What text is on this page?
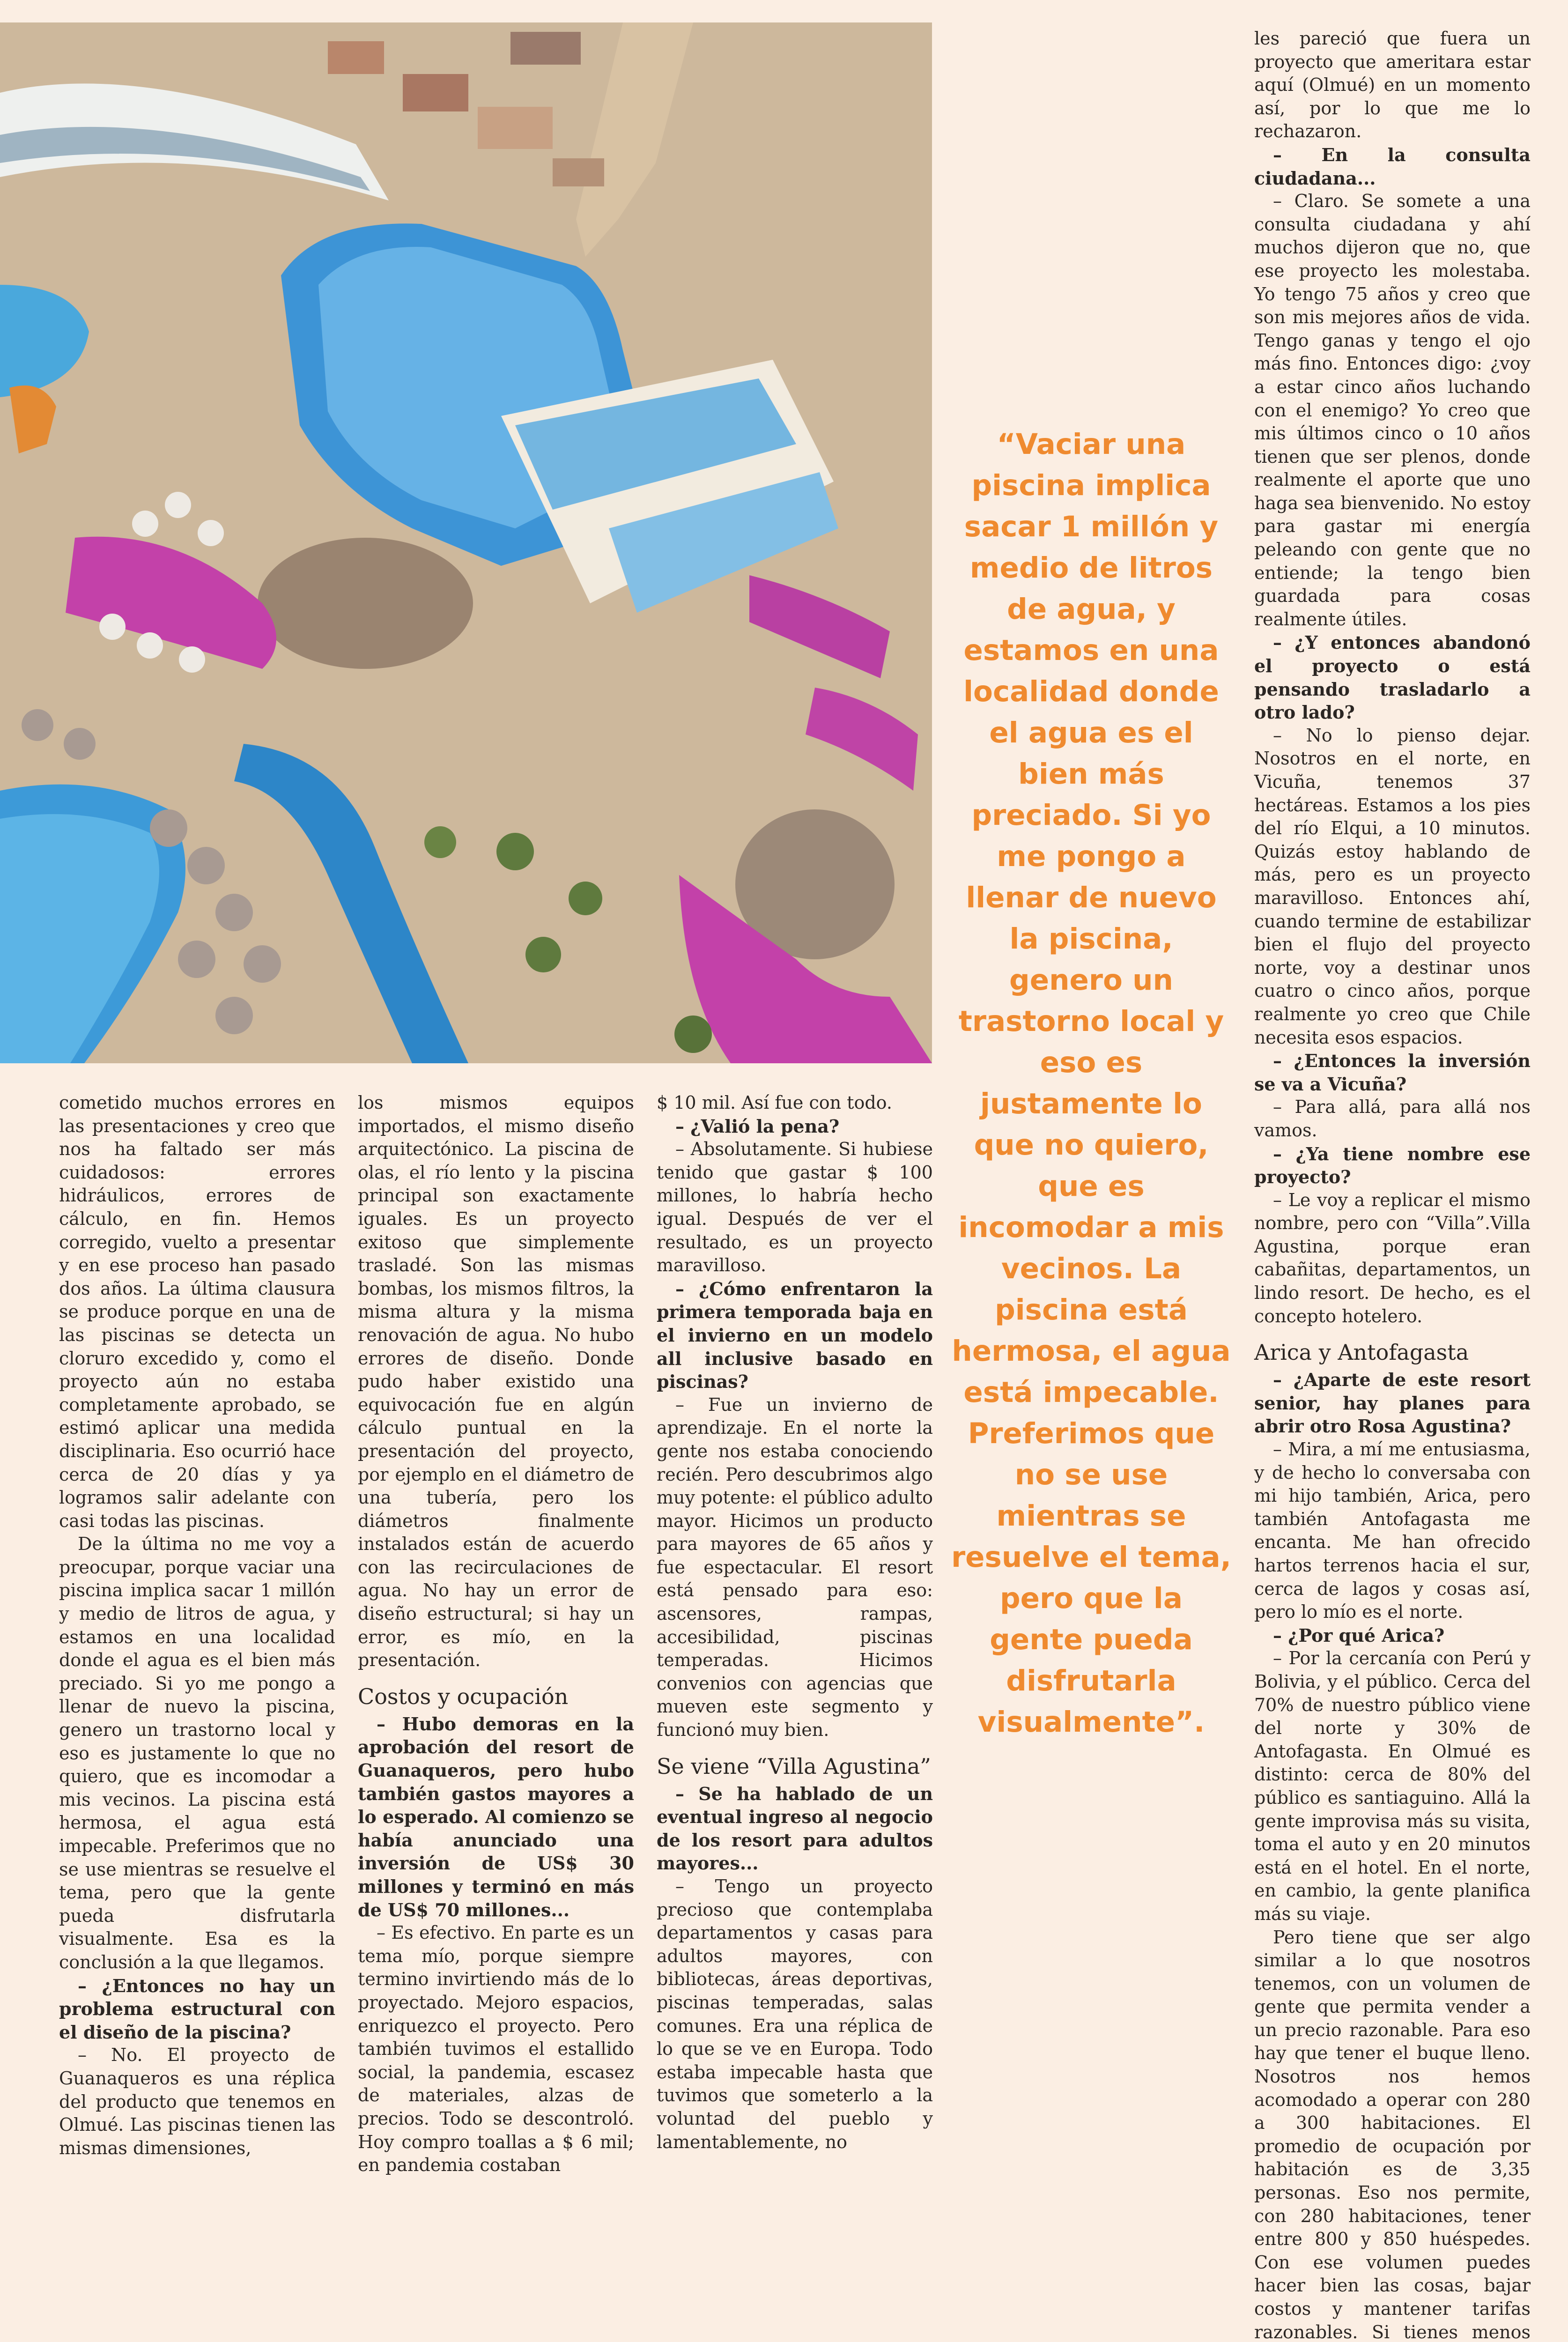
cometido muchos errores en las presentaciones y creo que nos ha faltado ser más cuidadosos: errores hidráulicos, errores de cálculo, en fin. Hemos corregido, vuelto a presentar y en ese proceso han pasado dos años. La última clausura se produce porque en una de las piscinas se detecta un cloruro excedido y, como el proyecto aún no estaba completamente aprobado, se estimó aplicar una medida disciplinaria. Eso ocurrió hace cerca de 20 días y ya logramos salir adelante con casi todas las piscinas.

De la última no me voy a preocupar, porque vaciar una piscina implica sacar 1 millón y medio de litros de agua, y estamos en una localidad donde el agua es el bien más preciado. Si yo me pongo a llenar de nuevo la piscina, genero un trastorno local y eso es justamente lo que no quiero, que es incomodar a mis vecinos. La piscina está hermosa, el agua está impecable. Preferimos que no se use mientras se resuelve el tema, pero que la gente pueda disfrutarla visualmente. Esa es la conclusión a la que llegamos.

– ¿Entonces no hay un problema estructural con el diseño de la piscina?

– No. El proyecto de Guanaqueros es una réplica del producto que tenemos en Olmué. Las piscinas tienen las mismas dimensiones,

los mismos equipos importados, el mismo diseño arquitectónico. La piscina de olas, el río lento y la piscina principal son exactamente iguales. Es un proyecto exitoso que simplemente trasladé. Son las mismas bombas, los mismos filtros, la misma altura y la misma renovación de agua. No hubo errores de diseño. Donde pudo haber existido una equivocación fue en algún cálculo puntual en la presentación del proyecto, por ejemplo en el diámetro de una tubería, pero los diámetros finalmente instalados están de acuerdo con las recirculaciones de agua. No hay un error de diseño estructural; si hay un error, es mío, en la presentación.

Costos y ocupación

– Hubo demoras en la aprobación del resort de Guanaqueros, pero hubo también gastos mayores a lo esperado. Al comienzo se había anunciado una inversión de US$ 30 millones y terminó en más de US$ 70 millones...

– Es efectivo. En parte es un tema mío, porque siempre termino invirtiendo más de lo proyectado. Mejoro espacios, enriquezco el proyecto. Pero también tuvimos el estallido social, la pandemia, escasez de materiales, alzas de precios. Todo se descontroló. Hoy compro toallas a $ 6 mil; en pandemia costaban

$ 10 mil. Así fue con todo.

– ¿Valió la pena?

– Absolutamente. Si hubiese tenido que gastar $ 100 millones, lo habría hecho igual. Después de ver el resultado, es un proyecto maravilloso.

– ¿Cómo enfrentaron la primera temporada baja en el invierno en un modelo all inclusive basado en piscinas?

– Fue un invierno de aprendizaje. En el norte la gente nos estaba conociendo recién. Pero descubrimos algo muy potente: el público adulto mayor. Hicimos un producto para mayores de 65 años y fue espectacular. El resort está pensado para eso: ascensores, rampas, accesibilidad, piscinas temperadas. Hicimos convenios con agencias que mueven este segmento y funcionó muy bien.

Se viene “Villa Agustina”

– Se ha hablado de un eventual ingreso al negocio de los resort para adultos mayores...

– Tengo un proyecto precioso que contemplaba departamentos y casas para adultos mayores, con bibliotecas, áreas deportivas, piscinas temperadas, salas comunes. Era una réplica de lo que se ve en Europa. Todo estaba impecable hasta que tuvimos que someterlo a la voluntad del pueblo y lamentablemente, no

“Vaciar una piscina implica sacar 1 millón y medio de litros de agua, y estamos en una localidad donde el agua es el bien más preciado. Si yo me pongo a llenar de nuevo la piscina, genero un trastorno local y eso es justamente lo que no quiero, que es incomodar a mis vecinos. La piscina está hermosa, el agua está impecable. Preferimos que no se use mientras se resuelve el tema, pero que la gente pueda disfrutarla visualmente”.

les pareció que fuera un proyecto que ameritara estar aquí (Olmué) en un momento así, por lo que me lo rechazaron.

– En la consulta ciudadana...

– Claro. Se somete a una consulta ciudadana y ahí muchos dijeron que no, que ese proyecto les molestaba. Yo tengo 75 años y creo que son mis mejores años de vida. Tengo ganas y tengo el ojo más fino. Entonces digo: ¿voy a estar cinco años luchando con el enemigo? Yo creo que mis últimos cinco o 10 años tienen que ser plenos, donde realmente el aporte que uno haga sea bienvenido. No estoy para gastar mi energía peleando con gente que no entiende; la tengo bien guardada para cosas realmente útiles.

– ¿Y entonces abandonó el proyecto o está pensando trasladarlo a otro lado?

– No lo pienso dejar. Nosotros en el norte, en Vicuña, tenemos 37 hectáreas. Estamos a los pies del río Elqui, a 10 minutos. Quizás estoy hablando de más, pero es un proyecto maravilloso. Entonces ahí, cuando termine de estabilizar bien el flujo del proyecto norte, voy a destinar unos cuatro o cinco años, porque realmente yo creo que Chile necesita esos espacios.

– ¿Entonces la inversión se va a Vicuña?

– Para allá, para allá nos vamos.

– ¿Ya tiene nombre ese proyecto?

– Le voy a replicar el mismo nombre, pero con “Villa”.Villa Agustina, porque eran cabañitas, departamentos, un lindo resort. De hecho, es el concepto hotelero.

Arica y Antofagasta

– ¿Aparte de este resort senior, hay planes para abrir otro Rosa Agustina?

– Mira, a mí me entusiasma, y de hecho lo conversaba con mi hijo también, Arica, pero también Antofagasta me encanta. Me han ofrecido hartos terrenos hacia el sur, cerca de lagos y cosas así, pero lo mío es el norte.

– ¿Por qué Arica?

– Por la cercanía con Perú y Bolivia, y el público. Cerca del 70% de nuestro público viene del norte y 30% de Antofagasta. En Olmué es distinto: cerca de 80% del público es santiaguino. Allá la gente improvisa más su visita, toma el auto y en 20 minutos está en el hotel. En el norte, en cambio, la gente planifica más su viaje.

Pero tiene que ser algo similar a lo que nosotros tenemos, con un volumen de gente que permita vender a un precio razonable. Para eso hay que tener el buque lleno. Nosotros nos hemos acomodado a operar con 280 a 300 habitaciones. El promedio de ocupación por habitación es de 3,35 personas. Eso nos permite, con 280 habitaciones, tener entre 800 y 850 huéspedes. Con ese volumen puedes hacer bien las cosas, bajar costos y mantener tarifas razonables. Si tienes menos
